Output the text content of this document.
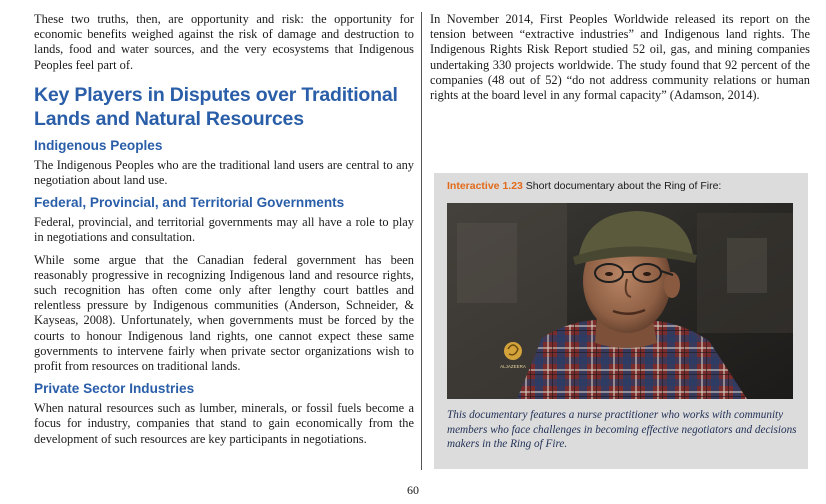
These two truths, then, are opportunity and risk: the opportunity for economic benefits weighed against the risk of damage and destruction to lands, food and water sources, and the very ecosystems that Indigenous Peoples feel part of.

Key Players in Disputes over Traditional Lands and Natural Resources
Indigenous Peoples

The Indigenous Peoples who are the traditional land users are central to any negotiation about land use.

Federal, Provincial, and Territorial Governments

Federal, provincial, and territorial governments may all have a role to play in negotiations and consultation.

While some argue that the Canadian federal government has been reasonably progressive in recognizing Indigenous land and resource rights, such recognition has often come only after lengthy court battles and relentless pressure by Indigenous communities (Anderson, Schneider, & Kayseas, 2008). Unfortunately, when governments must be forced by the courts to honour Indigenous land rights, one cannot expect these same governments to intervene fairly when private sector organizations wish to profit from resources on traditional lands.

Private Sector Industries

When natural resources such as lumber, minerals, or fossil fuels become a focus for industry, companies that stand to gain economically from the development of such resources are key participants in negotiations.

In November 2014, First Peoples Worldwide released its report on the tension between “extractive industries” and Indigenous land rights. The Indigenous Rights Risk Report studied 52 oil, gas, and mining companies undertaking 330 projects worldwide. The study found that 92 percent of the companies (48 out of 52) “do not address community relations or human rights at the board level in any formal capacity” (Adamson, 2014).

Interactive 1.23 Short documentary about the Ring of Fire:
ALJAZEERA

This documentary features a nurse practitioner who works with community members who face challenges in becoming effective negotiators and decisions makers in the Ring of Fire.

60
